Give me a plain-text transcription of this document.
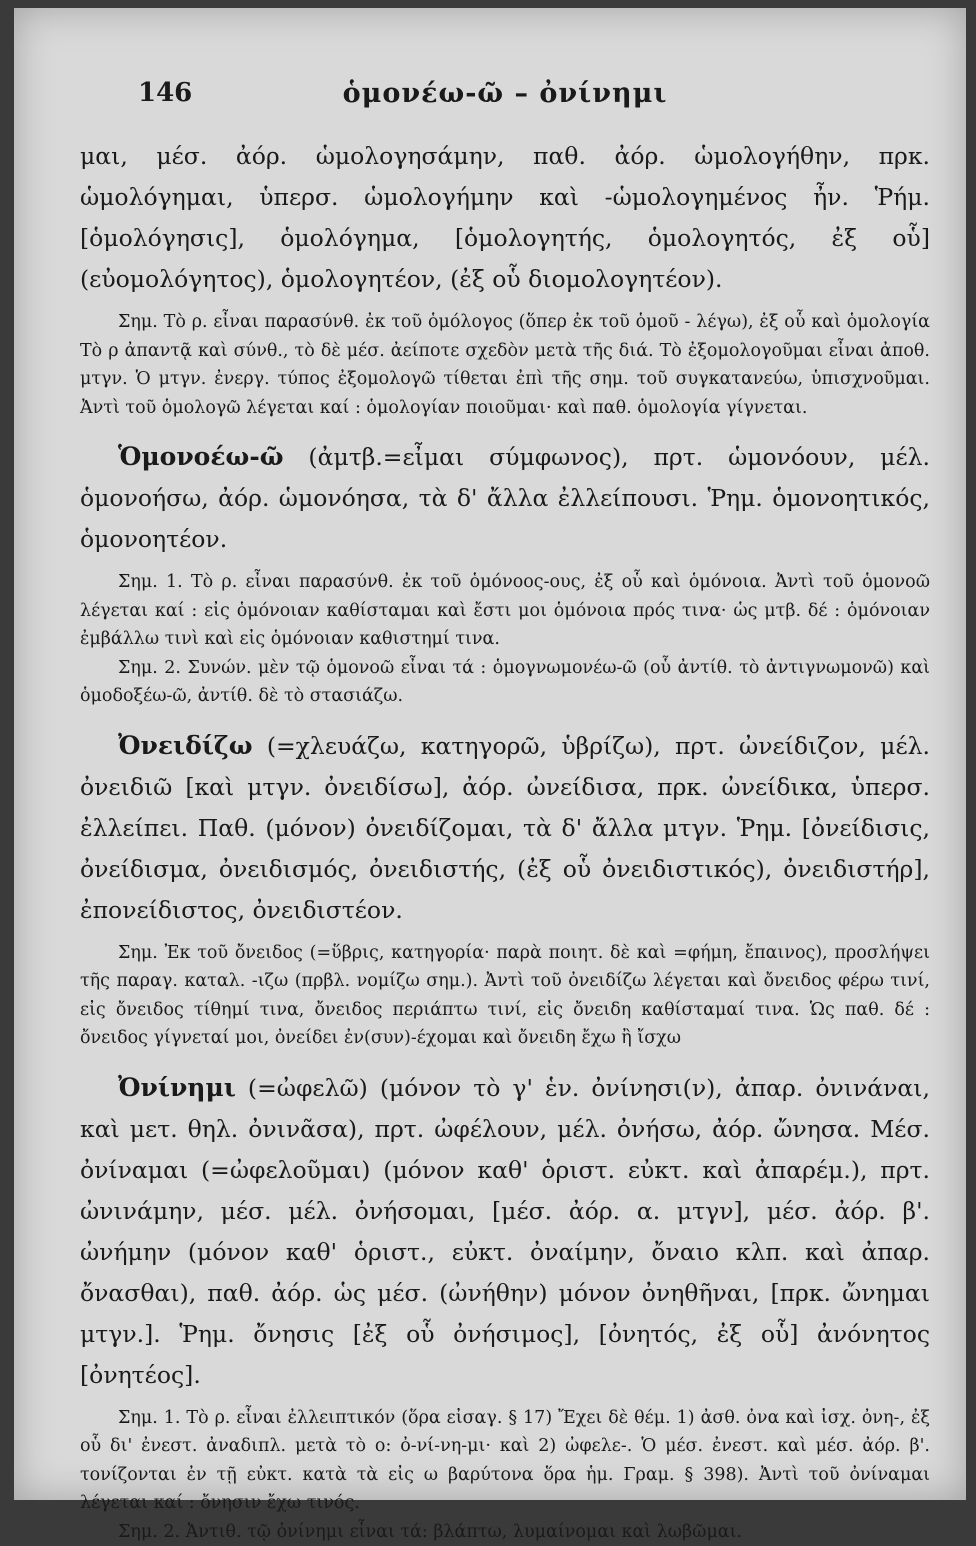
146	ὁμονέω-ῶ – ὀνίνημι

μαι, μέσ. ἀόρ. ὡμολογησάμην, παθ. ἀόρ. ὡμολογήθην, πρκ. ὡμολόγημαι, ὑπερσ. ὡμολογήμην καὶ -ὡμολογημένος ἦν. Ῥήμ. [ὁμολόγησις], ὁμολόγημα, [ὁμολογητής, ὁμολογητός, ἐξ οὗ] (εὐομολόγητος), ὁμολογητέον, (ἐξ οὗ διομολογητέον).

Σημ. Τὸ ρ. εἶναι παρασύνθ. ἐκ τοῦ ὁμόλογος (ὅπερ ἐκ τοῦ ὁμοῦ - λέγω), ἐξ οὗ καὶ ὁμολογία Τὸ ρ ἀπαντᾷ καὶ σύνθ., τὸ δὲ μέσ. ἀείποτε σχεδὸν μετὰ τῆς διά. Τὸ ἐξομολογοῦμαι εἶναι ἀποθ. μτγν. Ὁ μτγν. ἐνεργ. τύπος ἐξομολογῶ τίθεται ἐπὶ τῆς σημ. τοῦ συγκατανεύω, ὑπισχνοῦμαι. Ἀντὶ τοῦ ὁμολογῶ λέγεται καί : ὁμολογίαν ποιοῦμαι· καὶ παθ. ὁμολογία γίγνεται.

Ὁμονοέω-ῶ (ἀμτβ.=εἶμαι σύμφωνος), πρτ. ὡμονόουν, μέλ. ὁμονοήσω, ἀόρ. ὡμονόησα, τὰ δ' ἄλλα ἐλλείπουσι. Ῥημ. ὁμονοητικός, ὁμονοητέον.

Σημ. 1. Τὸ ρ. εἶναι παρασύνθ. ἐκ τοῦ ὁμόνοος-ους, ἐξ οὗ καὶ ὁμόνοια. Ἀντὶ τοῦ ὁμονοῶ λέγεται καί : εἰς ὁμόνοιαν καθίσταμαι καὶ ἔστι μοι ὁμόνοια πρός τινα· ὡς μτβ. δέ : ὁμόνοιαν ἐμβάλλω τινὶ καὶ εἰς ὁμόνοιαν καθιστημί τινα.

Σημ. 2. Συνών. μὲν τῷ ὁμονοῶ εἶναι τά : ὁμογνωμονέω-ῶ (οὗ ἀντίθ. τὸ ἀντιγνωμονῶ) καὶ ὁμοδοξέω-ῶ, ἀντίθ. δὲ τὸ στασιάζω.

Ὀνειδίζω (=χλευάζω, κατηγορῶ, ὑβρίζω), πρτ. ὠνείδιζον, μέλ. ὀνειδιῶ [καὶ μτγν. ὀνειδίσω], ἀόρ. ὠνείδισα, πρκ. ὠνείδικα, ὑπερσ. ἐλλείπει. Παθ. (μόνον) ὀνειδίζομαι, τὰ δ' ἄλλα μτγν. Ῥημ. [ὀνείδισις, ὀνείδισμα, ὀνειδισμός, ὀνειδιστής, (ἐξ οὗ ὀνειδιστικός), ὀνειδιστήρ], ἐπονείδιστος, ὀνειδιστέον.

Σημ. Ἐκ τοῦ ὄνειδος (=ὕβρις, κατηγορία· παρὰ ποιητ. δὲ καὶ =φήμη, ἔπαινος), προσλήψει τῆς παραγ. καταλ. -ιζω (πρβλ. νομίζω σημ.). Ἀντὶ τοῦ ὀνειδίζω λέγεται καὶ ὄνειδος φέρω τινί, εἰς ὄνειδος τίθημί τινα, ὄνειδος περιάπτω τινί, εἰς ὄνειδη καθίσταμαί τινα. Ὡς παθ. δέ : ὄνειδος γίγνεταί μοι, ὀνείδει ἐν(συν)-έχομαι καὶ ὄνειδη ἔχω ἢ ἴσχω

Ὀνίνημι (=ὠφελῶ) (μόνον τὸ γ' ἑν. ὀνίνησι(ν), ἀπαρ. ὀνινάναι, καὶ μετ. θηλ. ὀνινᾶσα), πρτ. ὠφέλουν, μέλ. ὀνήσω, ἀόρ. ὤνησα. Μέσ. ὀνίναμαι (=ὠφελοῦμαι) (μόνον καθ' ὁριστ. εὐκτ. καὶ ἀπαρέμ.), πρτ. ὠνινάμην, μέσ. μέλ. ὀνήσομαι, [μέσ. ἀόρ. α. μτγν], μέσ. ἀόρ. β'. ὠνήμην (μόνον καθ' ὁριστ., εὐκτ. ὀναίμην, ὄναιο κλπ. καὶ ἀπαρ. ὄνασθαι), παθ. ἀόρ. ὡς μέσ. (ὠνήθην) μόνον ὀνηθῆναι, [πρκ. ὤνημαι μτγν.]. Ῥημ. ὄνησις [ἐξ οὗ ὀνήσιμος], [ὀνητός, ἐξ οὗ] ἀνόνητος [ὀνητέος].

Σημ. 1. Τὸ ρ. εἶναι ἐλλειπτικόν (ὅρα εἰσαγ. § 17) Ἔχει δὲ θέμ. 1) ἀσθ. ὀνα καὶ ἰσχ. ὀνη-, ἐξ οὗ δι' ἐνεστ. ἀναδιπλ. μετὰ τὸ ο: ὀ-νί-νη-μι· καὶ 2) ὠφελε-. Ὁ μέσ. ἐνεστ. καὶ μέσ. ἀόρ. β'. τονίζονται ἐν τῇ εὐκτ. κατὰ τὰ εἰς ω βαρύτονα ὅρα ἡμ. Γραμ. § 398). Ἀντὶ τοῦ ὀνίναμαι λέγεται καί : ὄνησιν ἔχω τινός.

Σημ. 2. Ἀντιθ. τῷ ὀνίνημι εἶναι τά: βλάπτω, λυμαίνομαι καὶ λωβῶμαι.
